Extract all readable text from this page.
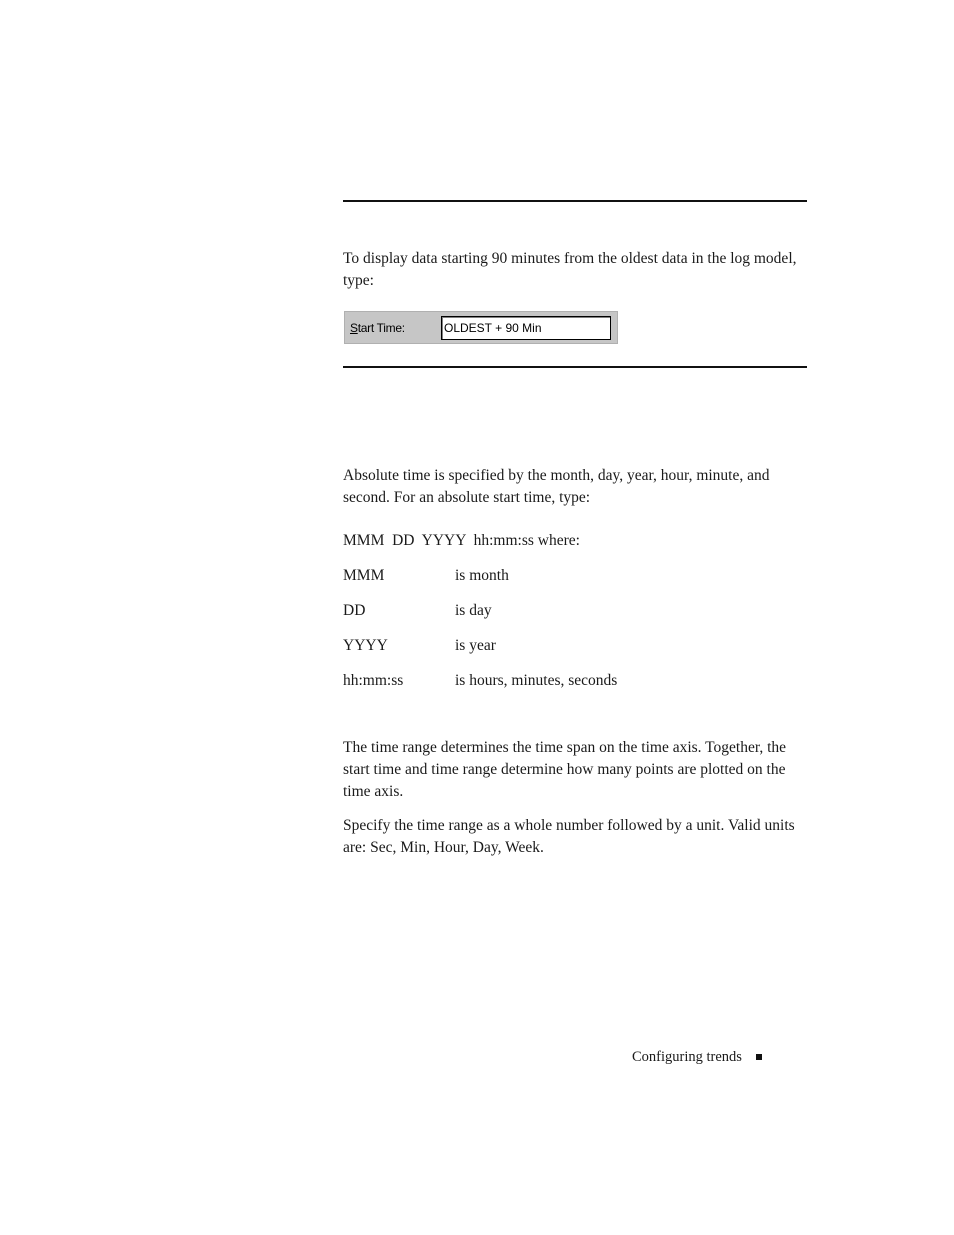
To display data starting 90 minutes from the oldest data in the log model, type:

Start Time:
OLDEST + 90 Min

Absolute time is specified by the month, day, year, hour, minute, and second. For an absolute start time, type:

MMM  DD  YYYY  hh:mm:ss where:

MMM	is month
DD	is day
YYYY	is year
hh:mm:ss	is hours, minutes, seconds

The time range determines the time span on the time axis. Together, the start time and time range determine how many points are plotted on the time axis.

Specify the time range as a whole number followed by a unit. Valid units are: Sec, Min, Hour, Day, Week.

Configuring trends
